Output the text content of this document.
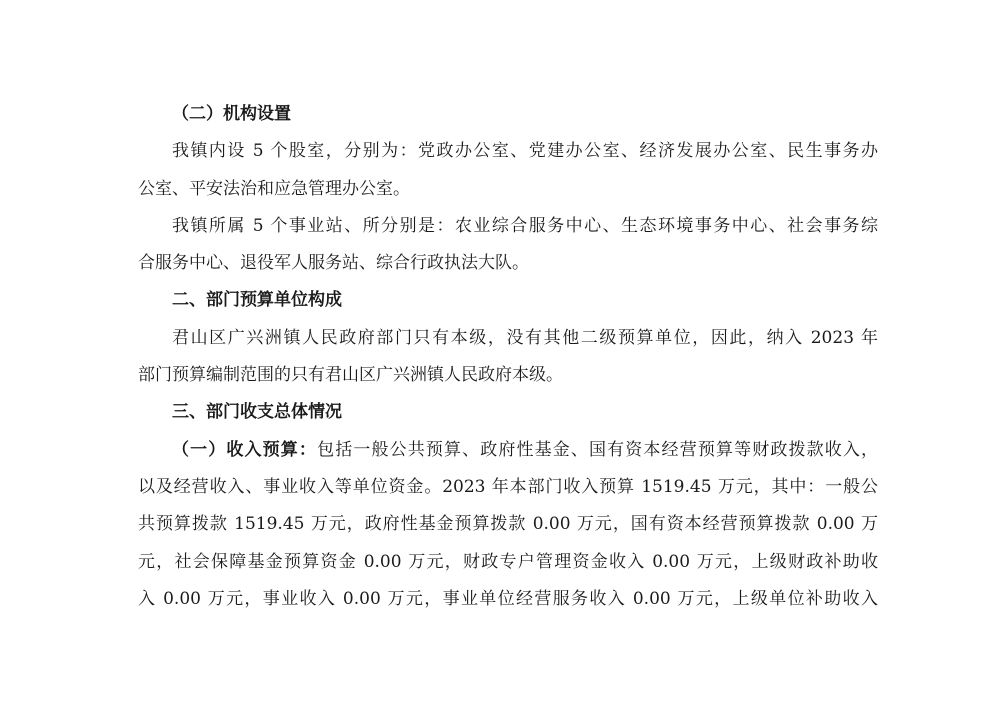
（二）机构设置
我镇内设 5 个股室，分别为：党政办公室、党建办公室、经济发展办公室、民生事务办
公室、平安法治和应急管理办公室。
我镇所属 5 个事业站、所分别是：农业综合服务中心、生态环境事务中心、社会事务综
合服务中心、退役军人服务站、综合行政执法大队。
二、部门预算单位构成
君山区广兴洲镇人民政府部门只有本级，没有其他二级预算单位，因此，纳入 2023 年
部门预算编制范围的只有君山区广兴洲镇人民政府本级。
三、部门收支总体情况
（一）收入预算：包括一般公共预算、政府性基金、国有资本经营预算等财政拨款收入，
以及经营收入、事业收入等单位资金。2023 年本部门收入预算 1519.45 万元，其中：一般公
共预算拨款 1519.45 万元，政府性基金预算拨款 0.00 万元，国有资本经营预算拨款 0.00 万
元，社会保障基金预算资金 0.00 万元，财政专户管理资金收入 0.00 万元，上级财政补助收
入 0.00 万元，事业收入 0.00 万元，事业单位经营服务收入 0.00 万元，上级单位补助收入
